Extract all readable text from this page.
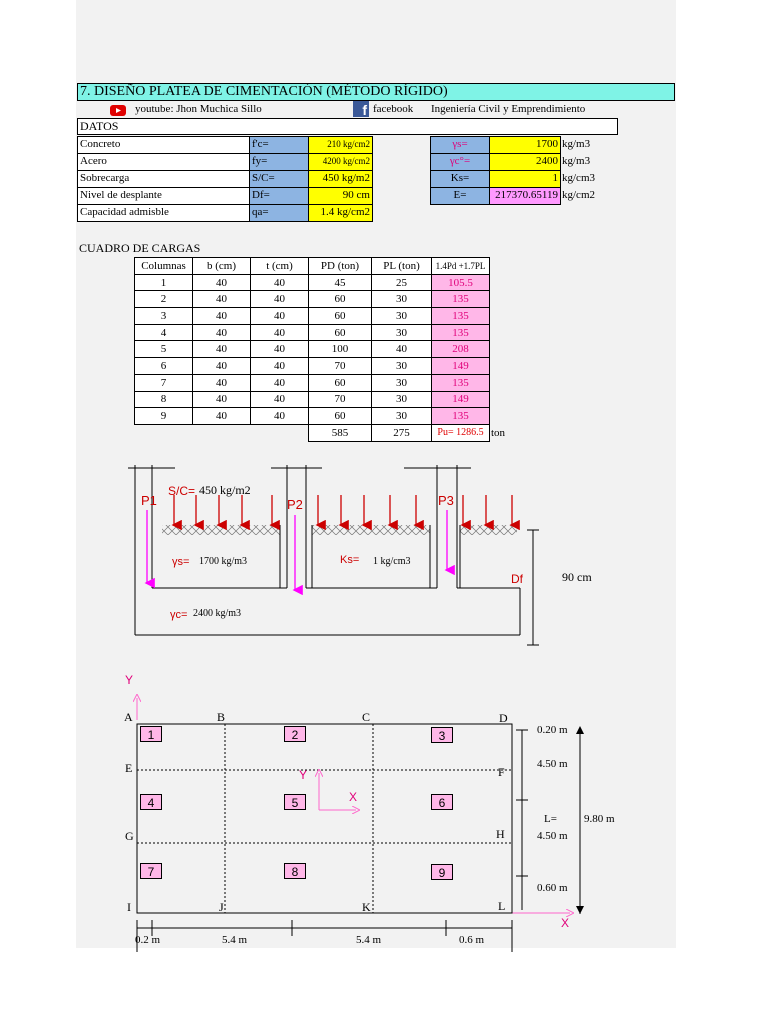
7. DISEÑO PLATEA DE CIMENTACIÓN (MÉTODO RÍGIDO)
youtube: Jhon Muchica Sillo	f facebook Ingeniería Civil y Emprendimiento
DATOS
Concreto	f'c=	210 kg/cm2
Acero	fy=	4200 kg/cm2
Sobrecarga	S/C=	450 kg/m2
Nivel de desplante	Df=	90 cm
Capacidad admisble	qa=	1.4 kg/cm2
γs=	1700 kg/m3
γc°=	2400 kg/m3
Ks=	1 kg/cm3
E=	217370.65119 kg/cm2
CUADRO DE CARGAS
Columnas	b (cm)	t (cm)	PD (ton)	PL (ton)	1.4Pd +1.7PL	
1	40	40	45	25	105.5	
2	40	40	60	30	135	
3	40	40	60	30	135	
4	40	40	60	30	135	
5	40	40	100	40	208	
6	40	40	70	30	149	
7	40	40	60	30	135	
8	40	40	70	30	149	
9	40	40	60	30	135	
			585	275	Pu= 1286.5	ton
S/C= 450 kg/m2
P1	P2	P3
γs= 1700 kg/m3	Ks= 1 kg/cm3
γc= 2400 kg/m3
Df	90 cm
A	B	C	D
E	F
G	H
I	J	K	L
Y
Y
X
X
1	2	3
4	5	6
7	8	9
0.20 m
4.50 m
L=
4.50 m
0.60 m
9.80 m
0.2 m	5.4 m	5.4 m	0.6 m
